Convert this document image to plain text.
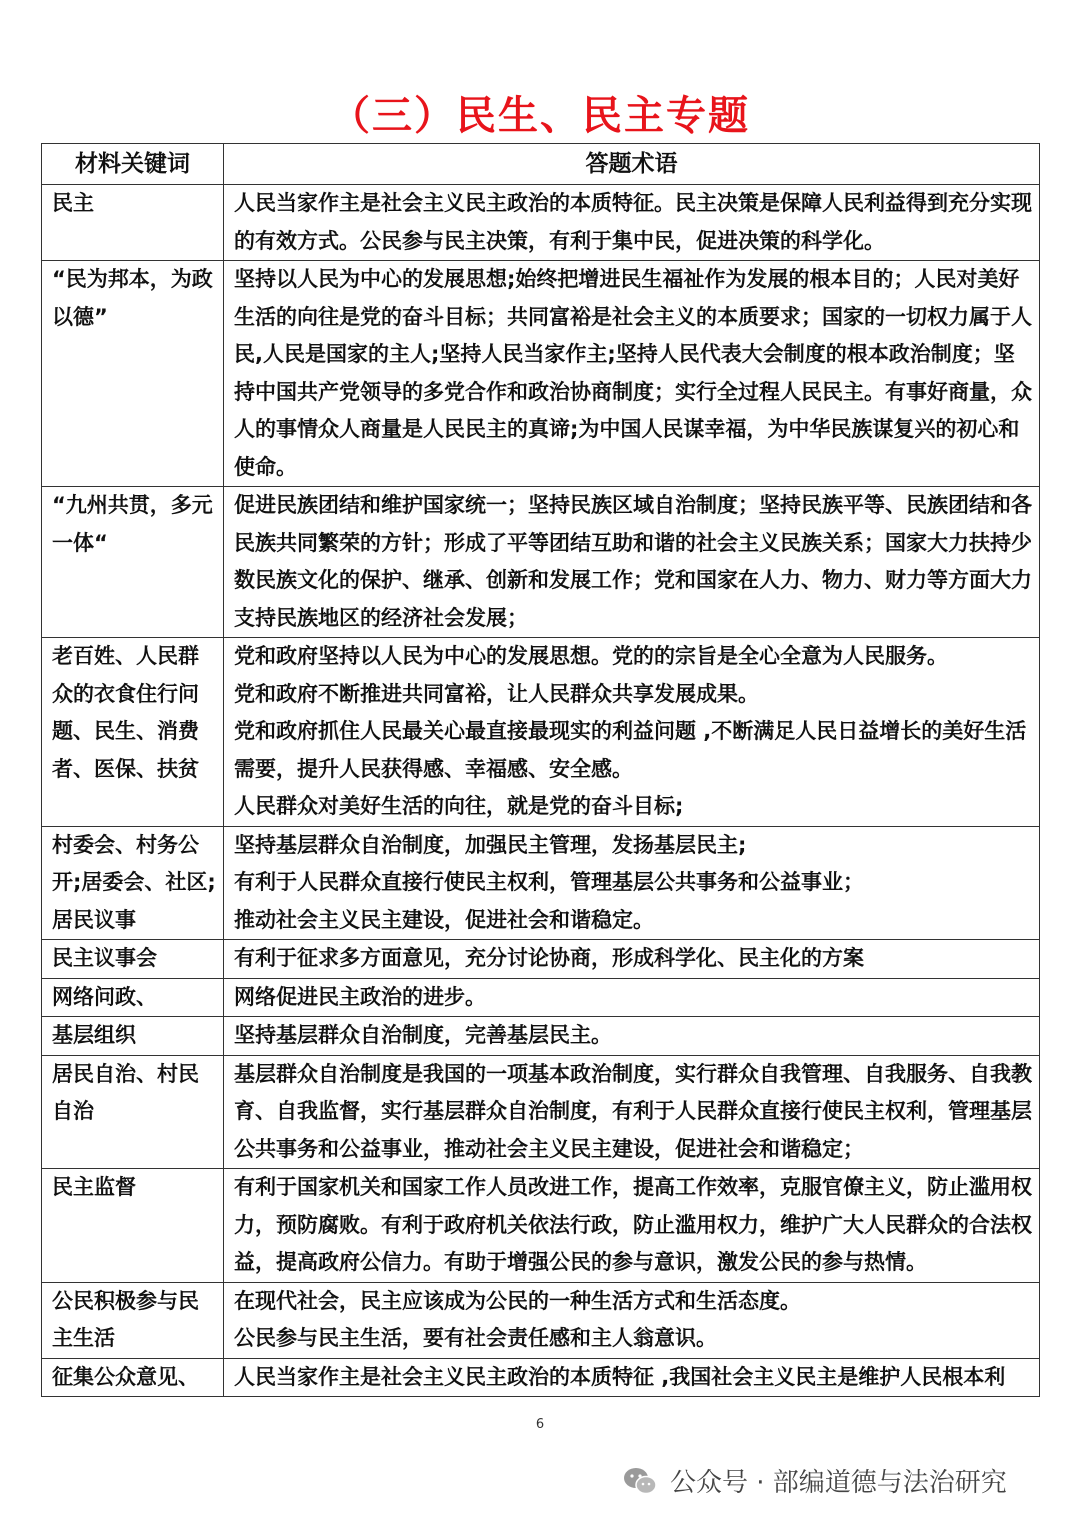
（三）民生、民主专题
材料关键词	答题术语
民主	人民当家作主是社会主义民主政治的本质特征。民主决策是保障人民利益得到充分实现的有效方式。公民参与民主决策，有利于集中民，促进决策的科学化。

“民为邦本，为政以德”	坚持以人民为中心的发展思想;始终把增进民生福祉作为发展的根本目的；人民对美好生活的向往是党的奋斗目标；共同富裕是社会主义的本质要求；国家的一切权力属于人民,人民是国家的主人;坚持人民当家作主;坚持人民代表大会制度的根本政治制度；坚持中国共产党领导的多党合作和政治协商制度；实行全过程人民民主。有事好商量，众人的事情众人商量是人民民主的真谛;为中国人民谋幸福，为中华民族谋复兴的初心和使命。

“九州共贯，多元一体“	促进民族团结和维护国家统一；坚持民族区域自治制度；坚持民族平等、民族团结和各民族共同繁荣的方针；形成了平等团结互助和谐的社会主义民族关系；国家大力扶持少数民族文化的保护、继承、创新和发展工作；党和国家在人力、物力、财力等方面大力支持民族地区的经济社会发展；

老百姓、人民群众的衣食住行问题、民生、消费者、医保、扶贫	党和政府坚持以人民为中心的发展思想。党的的宗旨是全心全意为人民服务。
党和政府不断推进共同富裕，让人民群众共享发展成果。
党和政府抓住人民最关心最直接最现实的利益问题 ,不断满足人民日益增长的美好生活需要，提升人民获得感、幸福感、安全感。
人民群众对美好生活的向往，就是党的奋斗目标;

村委会、村务公开;居委会、社区;居民议事	坚持基层群众自治制度，加强民主管理，发扬基层民主;
有利于人民群众直接行使民主权利，管理基层公共事务和公益事业；
推动社会主义民主建设，促进社会和谐稳定。

民主议事会	有利于征求多方面意见，充分讨论协商，形成科学化、民主化的方案

网络问政、	网络促进民主政治的进步。

基层组织	坚持基层群众自治制度，完善基层民主。

居民自治、村民自治	基层群众自治制度是我国的一项基本政治制度，实行群众自我管理、自我服务、自我教育、自我监督，实行基层群众自治制度，有利于人民群众直接行使民主权利，管理基层公共事务和公益事业，推动社会主义民主建设，促进社会和谐稳定；

民主监督	有利于国家机关和国家工作人员改进工作，提高工作效率，克服官僚主义，防止滥用权力，预防腐败。有利于政府机关依法行政，防止滥用权力，维护广大人民群众的合法权益，提高政府公信力。有助于增强公民的参与意识，激发公民的参与热情。

公民积极参与民主生活	在现代社会，民主应该成为公民的一种生活方式和生活态度。
公民参与民主生活，要有社会责任感和主人翁意识。

征集公众意见、	人民当家作主是社会主义民主政治的本质特征 ,我国社会主义民主是维护人民根本利
6
公众号 · 部编道德与法治研究
